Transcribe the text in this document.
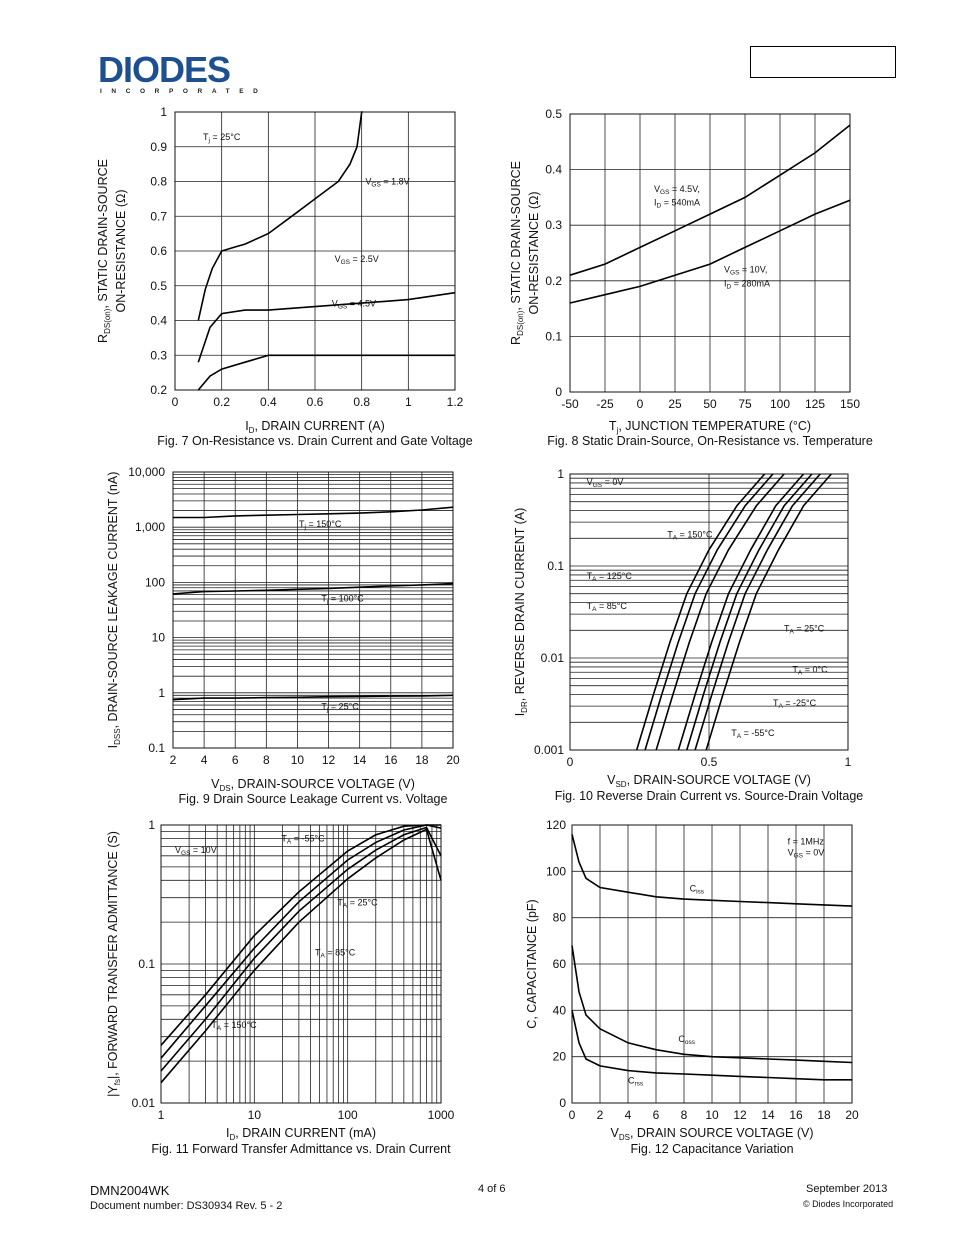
DIODES
INCORPORATED
0	0.2 0.4 0.6 0.8	1	1.2
0.2
0.3
0.4
0.5
0.6
0.7
0.8
0.9
1
$T_j = 25^\circ C$
$V_{GS} = 1.8V$
$V_{GS} = 2.5V$
$V_{GS} = 4.5V$
$I_D$, DRAIN CURRENT (A)
$R_{DS(on)}$, STATIC DRAIN-SOURCE ON-RESISTANCE (Ω)
Fig. 7 On-Resistance vs. Drain Current and Gate Voltage
-50 -25 0 25 50 75 100 125 150
0
0.1
0.2
0.3
0.4
0.5
$V_{GS} = 4.5V$,
$I_D = 540mA$
$V_{GS} = 10V$,
$I_D = 280mA$
$T_j$, JUNCTION TEMPERATURE (°C)
$R_{DS(on)}$, STATIC DRAIN-SOURCE ON-RESISTANCE (Ω)
Fig. 8 Static Drain-Source, On-Resistance vs. Temperature
2 4 6 8 10 12 14 16 18 20
0.1
1
10
100
1,000
10,000
$T_j = 150^\circ C$
$T_j = 100^\circ C$
$T_j = 25^\circ C$
$V_{DS}$, DRAIN-SOURCE VOLTAGE (V)
$I_{DSS}$, DRAIN-SOURCE LEAKAGE CURRENT (nA)
Fig. 9 Drain Source Leakage Current vs. Voltage
0	0.5	1
0.001
0.01
0.1
1
$V_{GS} = 0V$
$T_A = 150^\circ C$
$T_A = 125^\circ C$
$T_A = 85^\circ C$
$T_A = 25^\circ C$
$T_A = 0^\circ C$
$T_A = -25^\circ C$
$T_A = -55^\circ C$
$V_{SD}$, DRAIN-SOURCE VOLTAGE (V)
$I_{DR}$, REVERSE DRAIN CURRENT (A)
Fig. 10 Reverse Drain Current vs. Source-Drain Voltage
1	10	100	1000
0.01
0.1
1
$V_{GS} = 10V$
$T_A = -55^\circ C$
$T_A = 25^\circ C$
$T_A = 85^\circ C$
$T_A = 150^\circ C$
$I_D$, DRAIN CURRENT (mA)
$|Y_{fs}|$, FORWARD TRANSFER ADMITTANCE (S)
Fig. 11 Forward Transfer Admittance vs. Drain Current
0 2 4 6 8 10 12 14 16 18 20
0
20
40
60
80
100
120
f = 1MHz
$V_{GS} = 0V$
$C_{iss}$
$C_{oss}$
$C_{rss}$
$V_{DS}$, DRAIN SOURCE VOLTAGE (V)
C, CAPACITANCE (pF)
Fig. 12 Capacitance Variation
DMN2004WK
Document number: DS30934 Rev. 5 - 2
4 of 6	September 2013
© Diodes Incorporated
